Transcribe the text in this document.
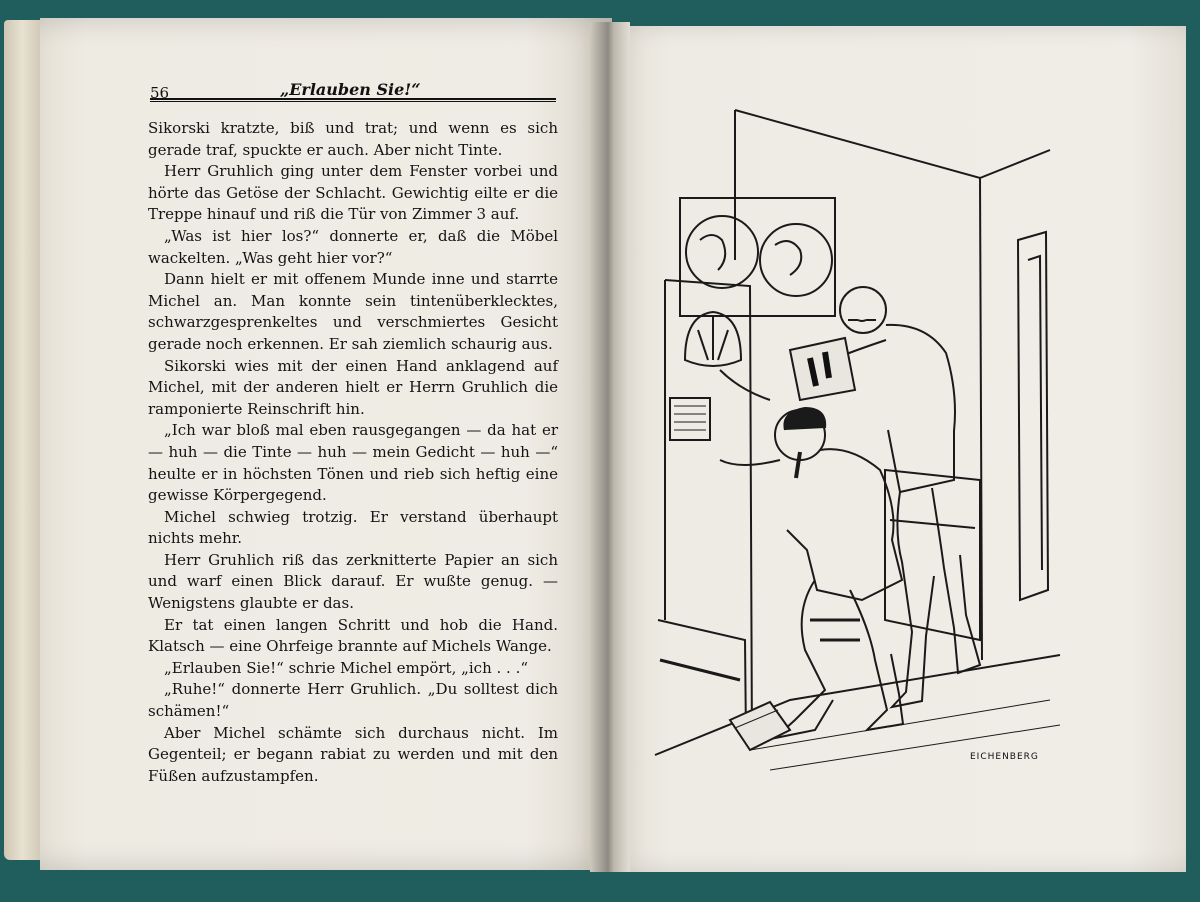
56	„Erlauben Sie!“

Sikorski kratzte, biß und trat; und wenn es sich gerade traf, spuckte er auch. Aber nicht Tinte.

Herr Gruhlich ging unter dem Fenster vorbei und hörte das Getöse der Schlacht. Gewichtig eilte er die Treppe hinauf und riß die Tür von Zimmer 3 auf.

„Was ist hier los?“ donnerte er, daß die Möbel wackelten. „Was geht hier vor?“

Dann hielt er mit offenem Munde inne und starrte Michel an. Man konnte sein tintenüberklecktes, schwarzgesprenkeltes und verschmiertes Gesicht gerade noch erkennen. Er sah ziemlich schaurig aus.

Sikorski wies mit der einen Hand anklagend auf Michel, mit der anderen hielt er Herrn Gruhlich die ramponierte Reinschrift hin.

„Ich war bloß mal eben rausgegangen — da hat er — huh — die Tinte — huh — mein Gedicht — huh —“ heulte er in höchsten Tönen und rieb sich heftig eine gewisse Körpergegend.

Michel schwieg trotzig. Er verstand überhaupt nichts mehr.

Herr Gruhlich riß das zerknitterte Papier an sich und warf einen Blick darauf. Er wußte genug. — Wenigstens glaubte er das.

Er tat einen langen Schritt und hob die Hand. Klatsch — eine Ohrfeige brannte auf Michels Wange.

„Erlauben Sie!“ schrie Michel empört, „ich . . .“

„Ruhe!“ donnerte Herr Gruhlich. „Du solltest dich schämen!“

Aber Michel schämte sich durchaus nicht. Im Gegenteil; er begann rabiat zu werden und mit den Füßen aufzustampfen.

EICHENBERG
